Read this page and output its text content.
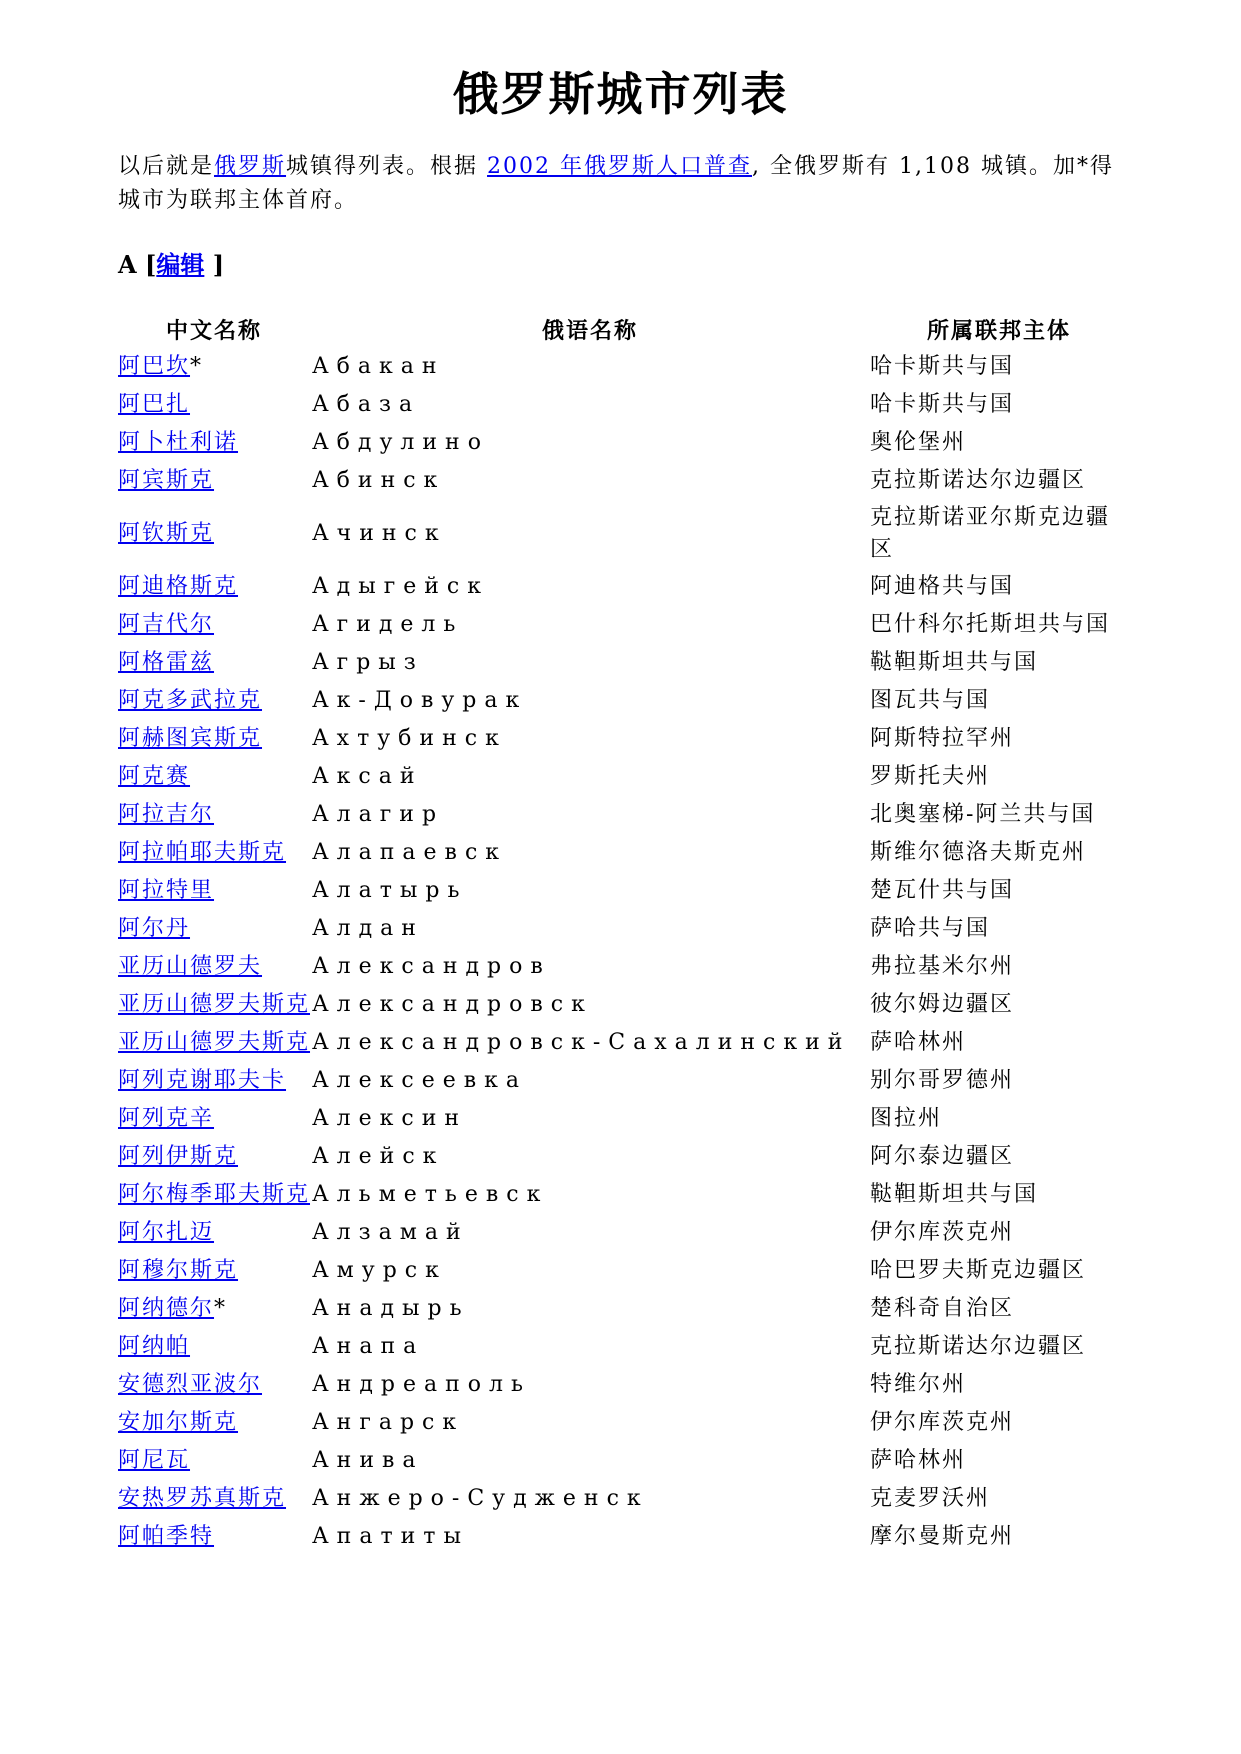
俄罗斯城市列表

以后就是俄罗斯城镇得列表。根据 2002 年俄罗斯人口普查, 全俄罗斯有 1,108 城镇。加*得城市为联邦主体首府。

A [编辑 ]
中文名称	俄语名称	所属联邦主体
阿巴坎*	Абакан	哈卡斯共与国
阿巴扎	Абаза	哈卡斯共与国
阿卜杜利诺	Абдулино	奥伦堡州
阿宾斯克	Абинск	克拉斯诺达尔边疆区
阿钦斯克	Ачинск	克拉斯诺亚尔斯克边疆区
阿迪格斯克	Адыгейск	阿迪格共与国
阿吉代尔	Агидель	巴什科尔托斯坦共与国
阿格雷兹	Агрыз	鞑靼斯坦共与国
阿克多武拉克	Ак-Довурак	图瓦共与国
阿赫图宾斯克	Ахтубинск	阿斯特拉罕州
阿克赛	Аксай	罗斯托夫州
阿拉吉尔	Алагир	北奥塞梯-阿兰共与国
阿拉帕耶夫斯克	Алапаевск	斯维尔德洛夫斯克州
阿拉特里	Алатырь	楚瓦什共与国
阿尔丹	Алдан	萨哈共与国
亚历山德罗夫	Александров	弗拉基米尔州
亚历山德罗夫斯克	Александровск	彼尔姆边疆区
亚历山德罗夫斯克	Александровск-Сахалинский	萨哈林州
阿列克谢耶夫卡	Алексеевка	别尔哥罗德州
阿列克辛	Алексин	图拉州
阿列伊斯克	Алейск	阿尔泰边疆区
阿尔梅季耶夫斯克	Альметьевск	鞑靼斯坦共与国
阿尔扎迈	Алзамай	伊尔库茨克州
阿穆尔斯克	Амурск	哈巴罗夫斯克边疆区
阿纳德尔*	Анадырь	楚科奇自治区
阿纳帕	Анапа	克拉斯诺达尔边疆区
安德烈亚波尔	Андреаполь	特维尔州
安加尔斯克	Ангарск	伊尔库茨克州
阿尼瓦	Анива	萨哈林州
安热罗苏真斯克	Анжеро-Судженск	克麦罗沃州
阿帕季特	Апатиты	摩尔曼斯克州
